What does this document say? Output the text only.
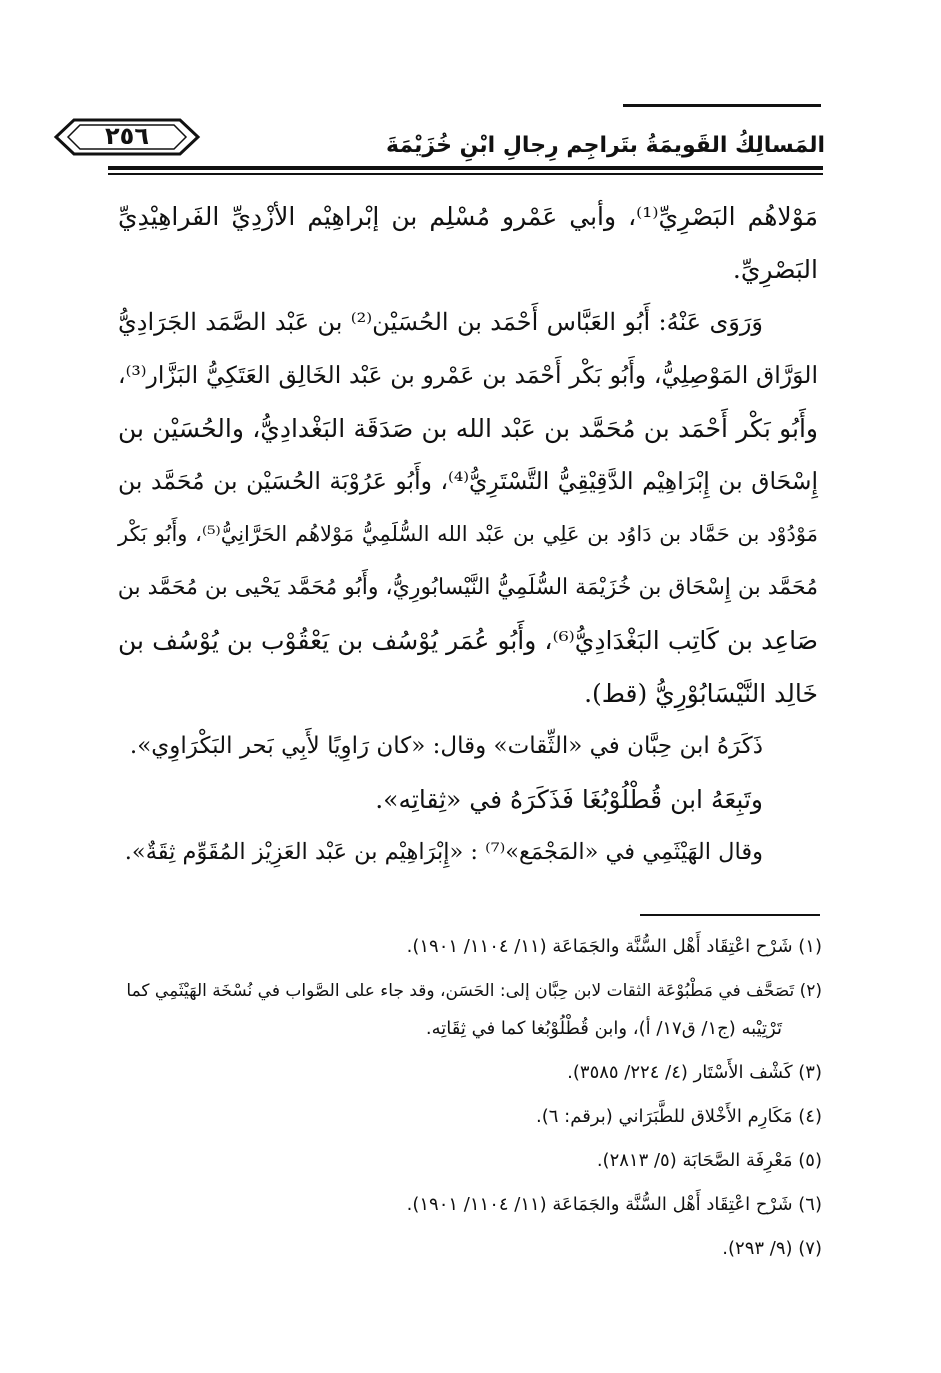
المَسالِكُ القَويمَةُ بتَراجِم رِجالِ ابْنِ خُزَيْمَةَ
٢٥٦
مَوْلاهُم البَصْرِيِّ⁽¹⁾، وأبي عَمْرو مُسْلِم بن إبْراهِيْم الأزْدِيِّ الفَراهِيْدِيِّ
البَصْرِيِّ.
وَرَوَى عَنْهُ: أَبُو العَبَّاس أَحْمَد بن الحُسَيْن⁽²⁾ بن عَبْد الصَّمَد الجَرَادِيُّ
الوَرَّاق المَوْصِلِيُّ، وأَبُو بَكْر أَحْمَد بن عَمْرو بن عَبْد الخَالِق العَتَكِيُّ البَزَّار⁽³⁾،
وأَبُو بَكْر أَحْمَد بن مُحَمَّد بن عَبْد الله بن صَدَقَة البَغْدادِيُّ، والحُسَيْن بن
إِسْحَاق بن إِبْرَاهِيْم الدَّقِيْقِيُّ التَّسْتَرِيُّ⁽⁴⁾، وأَبُو عَرُوْبَة الحُسَيْن بن مُحَمَّد بن
مَوْدُوْد بن حَمَّاد بن دَاوُد بن عَلِي بن عَبْد الله السُّلَمِيُّ مَوْلاهُم الحَرَّانِيُّ⁽⁵⁾، وأَبُو بَكْر
مُحَمَّد بن إِسْحَاق بن خُزَيْمَة السُّلَمِيُّ النَّيْسابُورِيُّ، وأَبُو مُحَمَّد يَحْيى بن مُحَمَّد بن
صَاعِد بن كَاتِب البَغْدَادِيُّ⁽⁶⁾، وأَبُو عُمَر يُوْسُف بن يَعْقُوْب بن يُوْسُف بن
خَالِد النَّيْسَابُوْرِيُّ (قط).
ذَكَرَهُ ابن حِبَّان في «الثِّقات» وقال: «كان رَاوِيًا لأَبِي بَحر البَكْرَاوِي».
وتَبِعَهُ ابن قُطْلُوْبُغَا فَذَكَرَهُ في «ثِقاتِه».
وقال الهَيْثَمِي في «المَجْمَع»⁽⁷⁾ : «إِبْرَاهِيْم بن عَبْد العَزِيْز المُقَوِّم ثِقَةٌ».
(١) شَرْح اعْتِقَاد أَهْل السُّنَّة والجَمَاعَة (١١/ ١١٠٤/ ١٩٠١).
(٢) تَصَحَّف في مَطْبُوْعَة الثقات لابن حِبَّان إلى: الحَسَن، وقد جاء على الصَّواب في نُسْخَة الهَيْثَمِي كما
تَرْتِيْبه (ج١/ ق١٧/ أ)، وابن قُطْلُوْبُغا كما في ثِقَاتِه.
(٣) كَشْف الأَسْتَار (٤/ ٢٢٤/ ٣٥٨٥).
(٤) مَكَارِم الأَخْلاق للطَّبَرَاني (برقم: ٦).
(٥) مَعْرِفَة الصَّحَابَة (٥/ ٢٨١٣).
(٦) شَرْح اعْتِقَاد أَهْل السُّنَّة والجَمَاعَة (١١/ ١١٠٤/ ١٩٠١).
(٧) (٩/ ٢٩٣).
